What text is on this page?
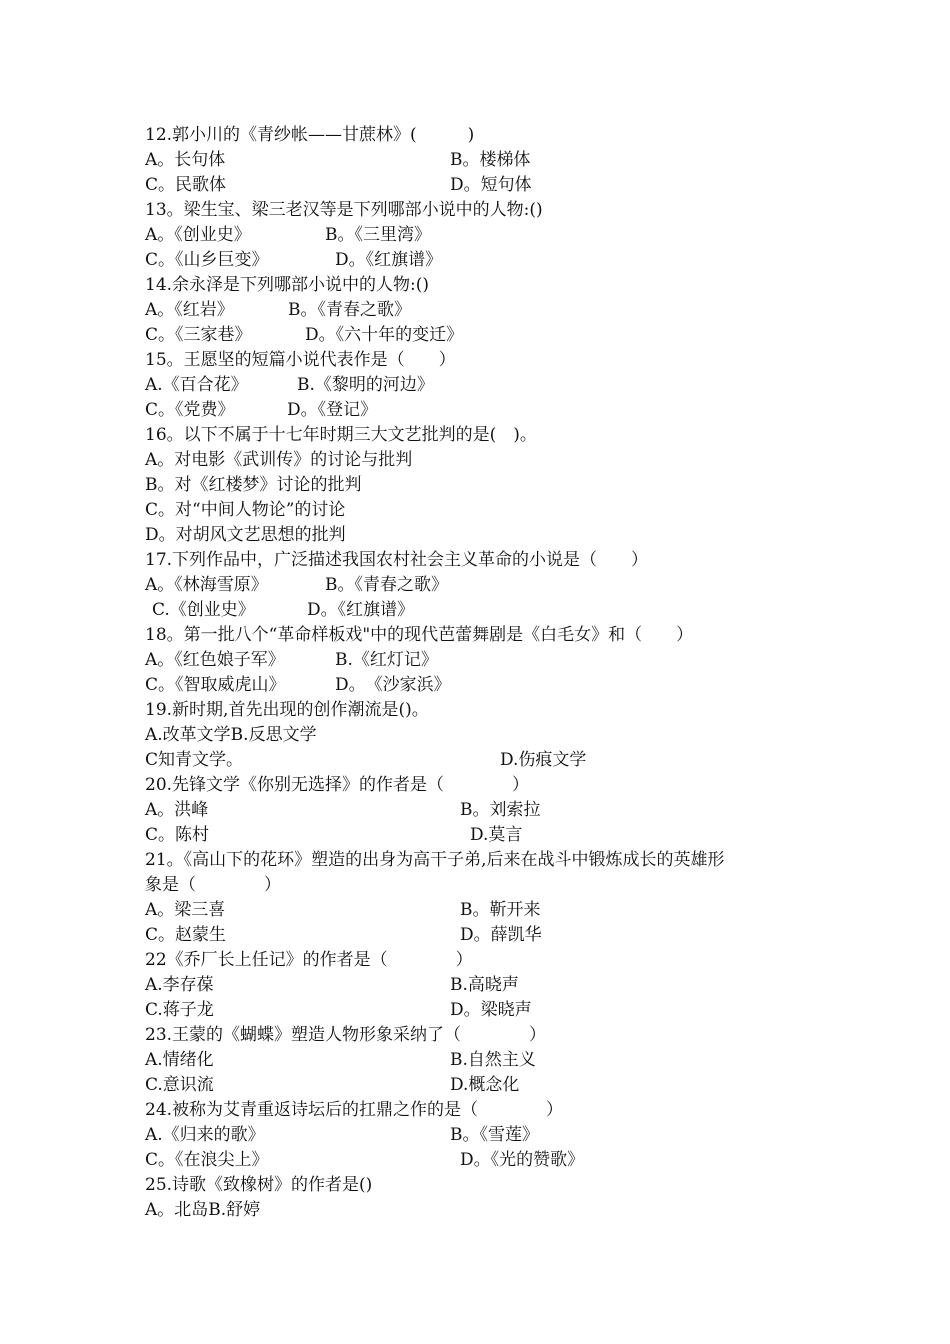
12.郭小川的《青纱帐——甘蔗林》(　　　)
A。长句体	B。楼梯体
C。民歌体	D。短句体
13。梁生宝、梁三老汉等是下列哪部小说中的人物:()
A。《创业史》	B。《三里湾》
C。《山乡巨变》	D。《红旗谱》
14.余永泽是下列哪部小说中的人物:()
A。《红岩》	B。《青春之歌》
C。《三家巷》	D。《六十年的变迁》
15。王愿坚的短篇小说代表作是（　　）
A.《百合花》	B.《黎明的河边》
C。《党费》	D。《登记》
16。以下不属于十七年时期三大文艺批判的是(　)。
A。对电影《武训传》的讨论与批判
B。对《红楼梦》讨论的批判
C。对“中间人物论”的讨论
D。对胡风文艺思想的批判
17.下列作品中，广泛描述我国农村社会主义革命的小说是（　　）
A。《林海雪原》	B。《青春之歌》
C.《创业史》	D。《红旗谱》
18。第一批八个“革命样板戏"中的现代芭蕾舞剧是《白毛女》和（　　）
A。《红色娘子军》	B.《红灯记》
C。《智取威虎山》	D。　《沙家浜》
19.新时期,首先出现的创作潮流是()。
A.改革文学B.反思文学
C知青文学。	D.伤痕文学
20.先锋文学《你别无选择》的作者是（　　　　）
A。洪峰	B。刘索拉
C。陈村	D.莫言
21。《高山下的花环》塑造的出身为高干子弟,后来在战斗中锻炼成长的英雄形
象是（　　　　）
A。梁三喜	B。靳开来
C。赵蒙生	D。薛凯华
22《乔厂长上任记》的作者是（　　　　）
A.李存葆	B.高晓声
C.蒋子龙	D。梁晓声
23.王蒙的《蝴蝶》塑造人物形象采纳了（　　　　）
A.情绪化	B.自然主义
C.意识流	D.概念化
24.被称为艾青重返诗坛后的扛鼎之作的是（　　　　）
A.《归来的歌》	B。《雪莲》
C。《在浪尖上》	D。《光的赞歌》
25.诗歌《致橡树》的作者是()
A。北岛B.舒婷
